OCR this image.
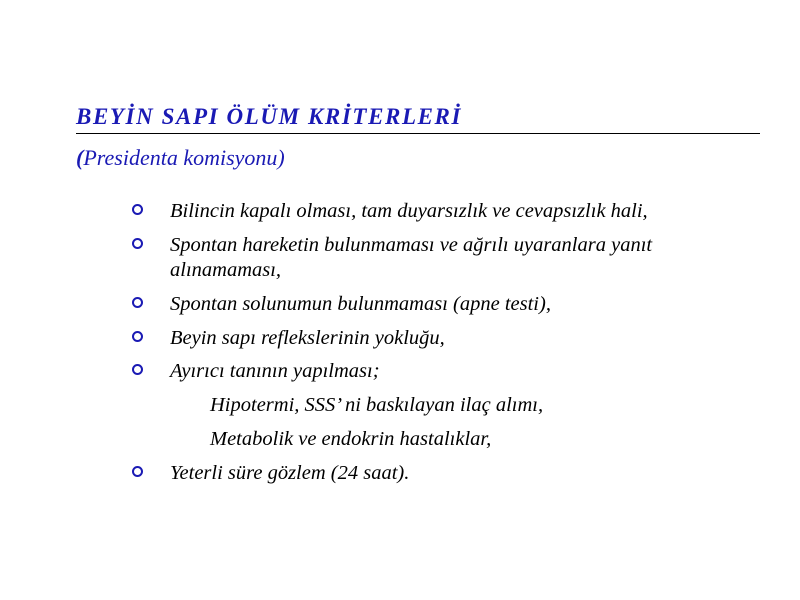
BEYİN SAPI ÖLÜM KRİTERLERİ
(Presidenta komisyonu)
Bilincin kapalı olması, tam duyarsızlık ve cevapsızlık hali,
Spontan hareketin bulunmaması ve ağrılı uyaranlara yanıt alınamaması,
Spontan solunumun bulunmaması (apne testi),
Beyin sapı reflekslerinin yokluğu,
Ayırıcı tanının yapılması;
Hipotermi, SSS’ ni baskılayan ilaç alımı,
Metabolik ve endokrin hastalıklar,
Yeterli süre gözlem (24 saat).
